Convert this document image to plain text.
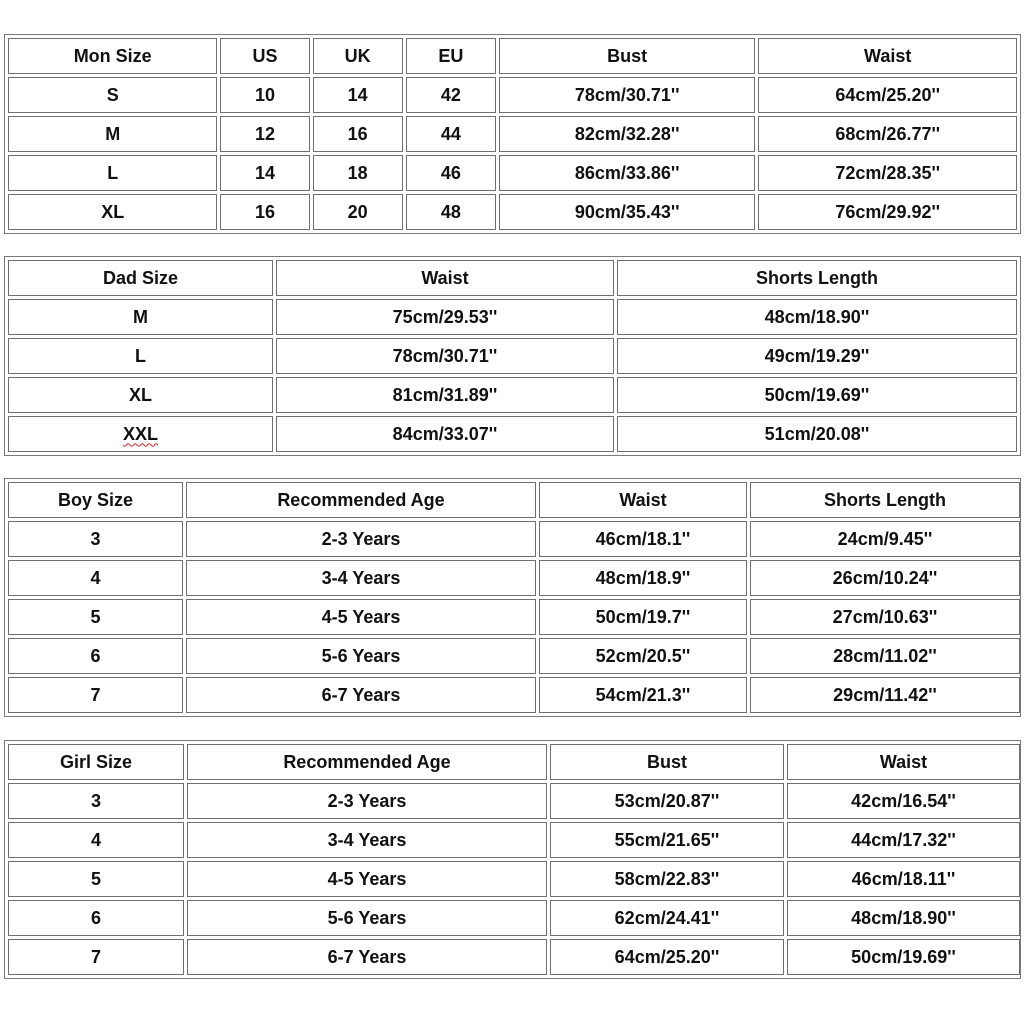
Mon Size	US	UK	EU	Bust	Waist
S	10	14	42	78cm/30.71''	64cm/25.20''
M	12	16	44	82cm/32.28''	68cm/26.77''
L	14	18	46	86cm/33.86''	72cm/28.35''
XL	16	20	48	90cm/35.43''	76cm/29.92''
Dad Size	Waist	Shorts Length
M	75cm/29.53''	48cm/18.90''
L	78cm/30.71''	49cm/19.29''
XL	81cm/31.89''	50cm/19.69''
XXL	84cm/33.07''	51cm/20.08''
Boy Size	Recommended Age	Waist	Shorts Length
3	2-3 Years	46cm/18.1''	24cm/9.45''
4	3-4 Years	48cm/18.9''	26cm/10.24''
5	4-5 Years	50cm/19.7''	27cm/10.63''
6	5-6 Years	52cm/20.5''	28cm/11.02''
7	6-7 Years	54cm/21.3''	29cm/11.42''
Girl Size	Recommended Age	Bust	Waist
3	2-3 Years	53cm/20.87''	42cm/16.54''
4	3-4 Years	55cm/21.65''	44cm/17.32''
5	4-5 Years	58cm/22.83''	46cm/18.11''
6	5-6 Years	62cm/24.41''	48cm/18.90''
7	6-7 Years	64cm/25.20''	50cm/19.69''
